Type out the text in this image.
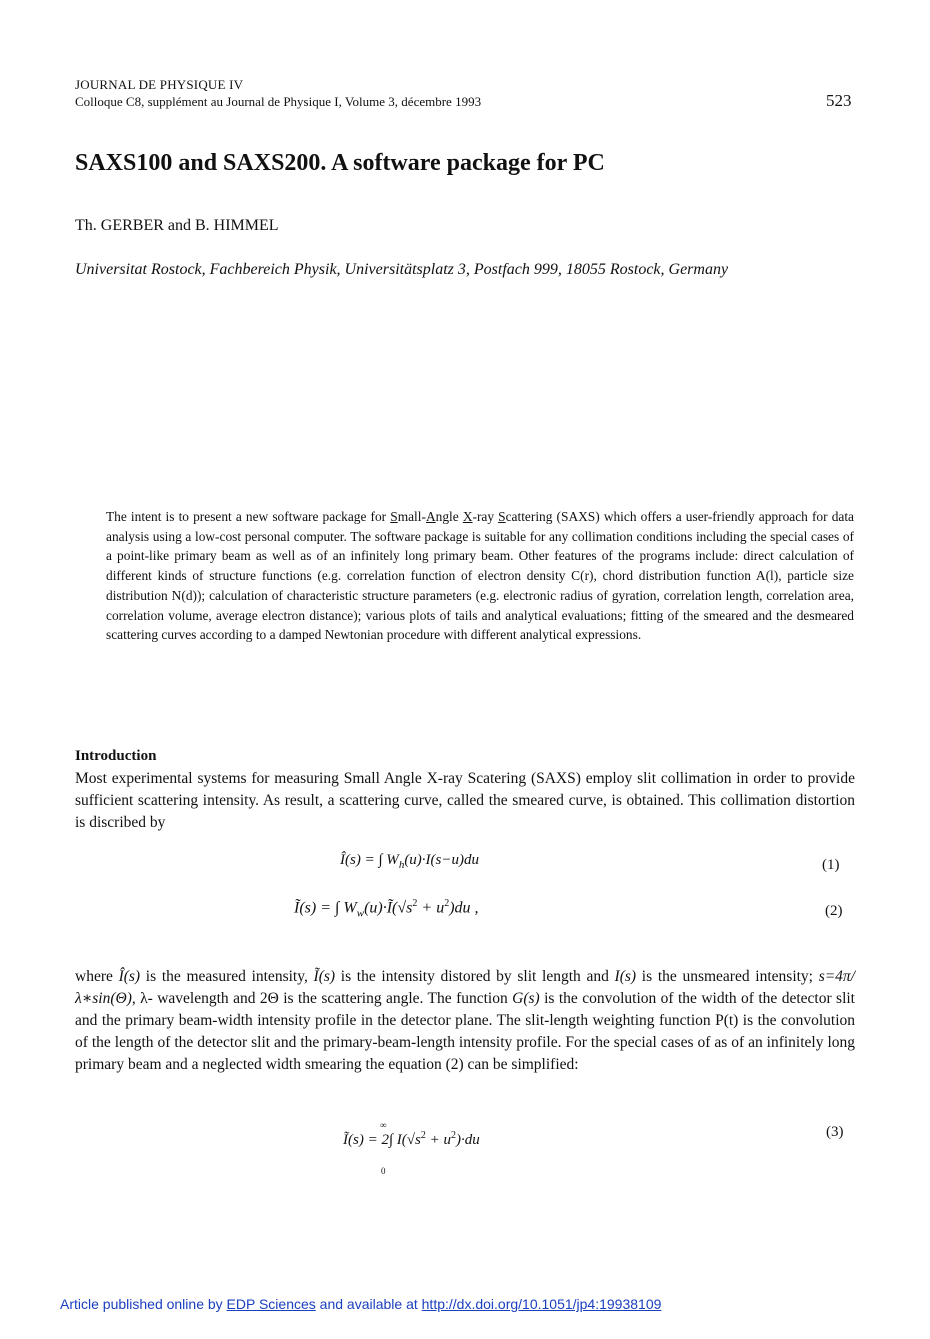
JOURNAL DE PHYSIQUE IV
Colloque C8, supplément au Journal de Physique I, Volume 3, décembre 1993	523
SAXS100 and SAXS200. A software package for PC
Th. GERBER and B. HIMMEL
Universitat Rostock, Fachbereich Physik, Universitätsplatz 3, Postfach 999, 18055 Rostock, Germany
The intent is to present a new software package for Small-Angle X-ray Scattering (SAXS) which offers a user-friendly approach for data analysis using a low-cost personal computer. The software package is suitable for any collimation conditions including the special cases of a point-like primary beam as well as of an infinitely long primary beam. Other features of the programs include: direct calculation of different kinds of structure functions (e.g. correlation function of electron density C(r), chord distribution function A(l), particle size distribution N(d)); calculation of characteristic structure parameters (e.g. electronic radius of gyration, correlation length, correlation area, correlation volume, average electron distance); various plots of tails and analytical evaluations; fitting of the smeared and the desmeared scattering curves according to a damped Newtonian procedure with different analytical expressions.
Introduction
Most experimental systems for measuring Small Angle X-ray Scatering (SAXS) employ slit collimation in order to provide sufficient scattering intensity. As result, a scattering curve, called the smeared curve, is obtained. This collimation distortion is discribed by
Î(s) = ∫ $W_h(u)\cdot I(s-u)du$	(1)
Ĩ(s) = ∫ $W_w(u)\cdot Ĩ(√s^2 + u^2)du$ ,	(2)
where Î(s) is the measured intensity, Ĩ(s) is the intensity distored by slit length and I(s) is the unsmeared intensity; s=4π/λ∗sin(Θ), λ- wavelength and 2Θ is the scattering angle. The function G(s) is the convolution of the width of the detector slit and the primary beam-width intensity profile in the detector plane. The slit-length weighting function P(t) is the convolution of the length of the detector slit and the primary-beam-length intensity profile. For the special cases of as of an infinitely long primary beam and a neglected width smearing the equation (2) can be simplified:
Ĩ(s) = 2∫ $I(√s^2 + u^2)\cdot du$
∞
0
(3)
Article published online by EDP Sciences and available at http://dx.doi.org/10.1051/jp4:19938109
